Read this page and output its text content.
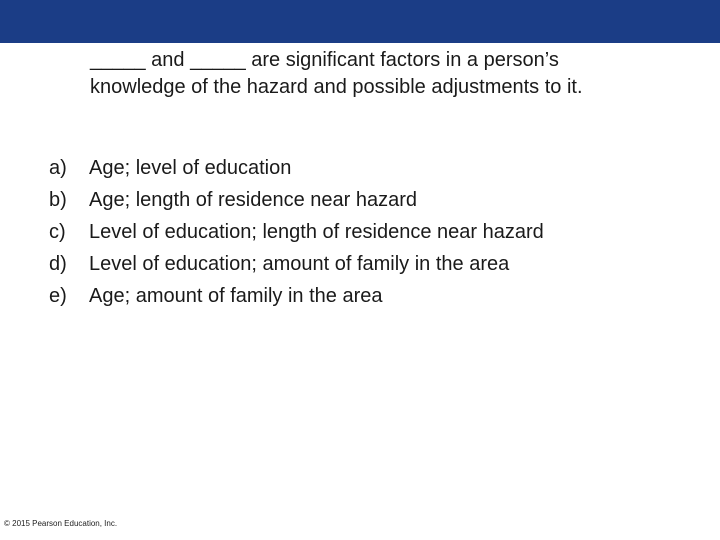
_____ and _____ are significant factors in a person’s
knowledge of the hazard and possible adjustments to it.
a)	Age; level of education
b)	Age; length of residence near hazard
c)	Level of education; length of residence near hazard
d)	Level of education; amount of family in the area
e)	Age; amount of family in the area
© 2015 Pearson Education, Inc.
